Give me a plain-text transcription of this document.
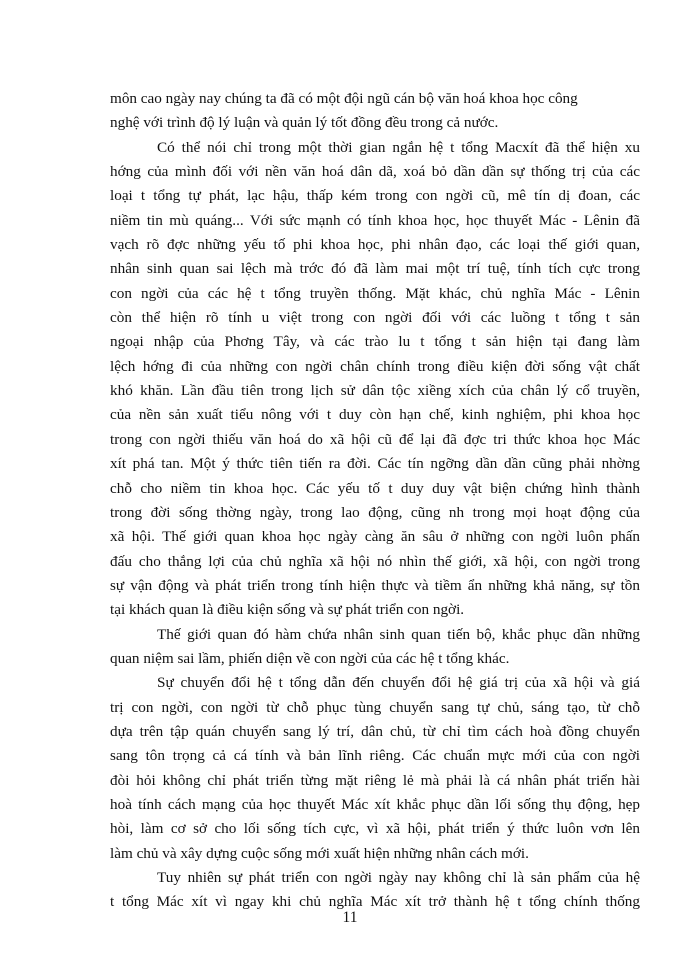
môn cao ngày nay chúng ta đã có một đội ngũ cán bộ văn hoá khoa học công
nghệ với trình độ lý luận và quản lý tốt đồng đều trong cả nước.
Có thể nói chỉ trong một thời gian ngắn hệ t tổng Macxít đã thể hiện xu
hớng của mình đối với nền văn hoá dân dã, xoá bỏ dần dần sự thống trị của các
loại t tổng tự phát, lạc hậu, thấp kém trong con ngời cũ, mê tín dị đoan, các
niềm tin mù quáng... Với sức mạnh có tính khoa học, học thuyết Mác - Lênin đã
vạch rõ đợc những yếu tố phi khoa học, phi nhân đạo, các loại thế giới quan,
nhân sinh quan sai lệch mà trớc đó đã làm mai một trí tuệ, tính tích cực trong
con ngời của các hệ t tổng truyền thống. Mặt khác, chủ nghĩa Mác - Lênin
còn thể hiện rõ tính u việt trong con ngời đối với các luồng t tổng t sản
ngoại nhập của Phơng Tây, và các trào lu t tổng t sản hiện tại đang làm
lệch hớng đi của những con ngời chân chính trong điều kiện đời sống vật chất
khó khăn. Lần đầu tiên trong lịch sử dân tộc xiềng xích của chân lý cổ truyền,
của nền sản xuất tiểu nông với t duy còn hạn chế, kinh nghiệm, phi khoa học
trong con ngời thiếu văn hoá do xã hội cũ để lại đã đợc tri thức khoa học Mác
xít phá tan. Một ý thức tiên tiến ra đời. Các tín ngỡng dần dần cũng phải nhờng
chỗ cho niềm tin khoa học. Các yếu tố t duy duy vật biện chứng hình thành
trong đời sống thờng ngày, trong lao động, cũng nh trong mọi hoạt động của
xã hội. Thế giới quan khoa học ngày càng ăn sâu ở những con ngời luôn phấn
đấu cho thắng lợi của chủ nghĩa xã hội nó nhìn thế giới, xã hội, con ngời trong
sự vận động và phát triển trong tính hiện thực và tiềm ẩn những khả năng, sự tồn
tại khách quan là điều kiện sống và sự phát triển con ngời.
Thế giới quan đó hàm chứa nhân sinh quan tiến bộ, khắc phục dần những
quan niệm sai lầm, phiến diện về con ngời của các hệ t tổng khác.
Sự chuyển đổi hệ t tổng dẫn đến chuyển đổi hệ giá trị của xã hội và giá
trị con ngời, con ngời từ chỗ phục tùng chuyển sang tự chủ, sáng tạo, từ chỗ
dựa trên tập quán chuyển sang lý trí, dân chủ, từ chỉ tìm cách hoà đồng chuyển
sang tôn trọng cả cá tính và bản lĩnh riêng. Các chuẩn mực mới của con ngời
đòi hỏi không chỉ phát triển từng mặt riêng lẻ mà phải là cá nhân phát triển hài
hoà tính cách mạng của học thuyết Mác xít khắc phục dần lối sống thụ động, hẹp
hòi, làm cơ sở cho lối sống tích cực, vì xã hội, phát triển ý thức luôn vơn lên
làm chủ và xây dựng cuộc sống mới xuất hiện những nhân cách mới.
Tuy nhiên sự phát triển con ngời ngày nay không chỉ là sản phẩm của hệ
t tổng Mác xít vì ngay khi chủ nghĩa Mác xít trở thành hệ t tổng chính thống
11
